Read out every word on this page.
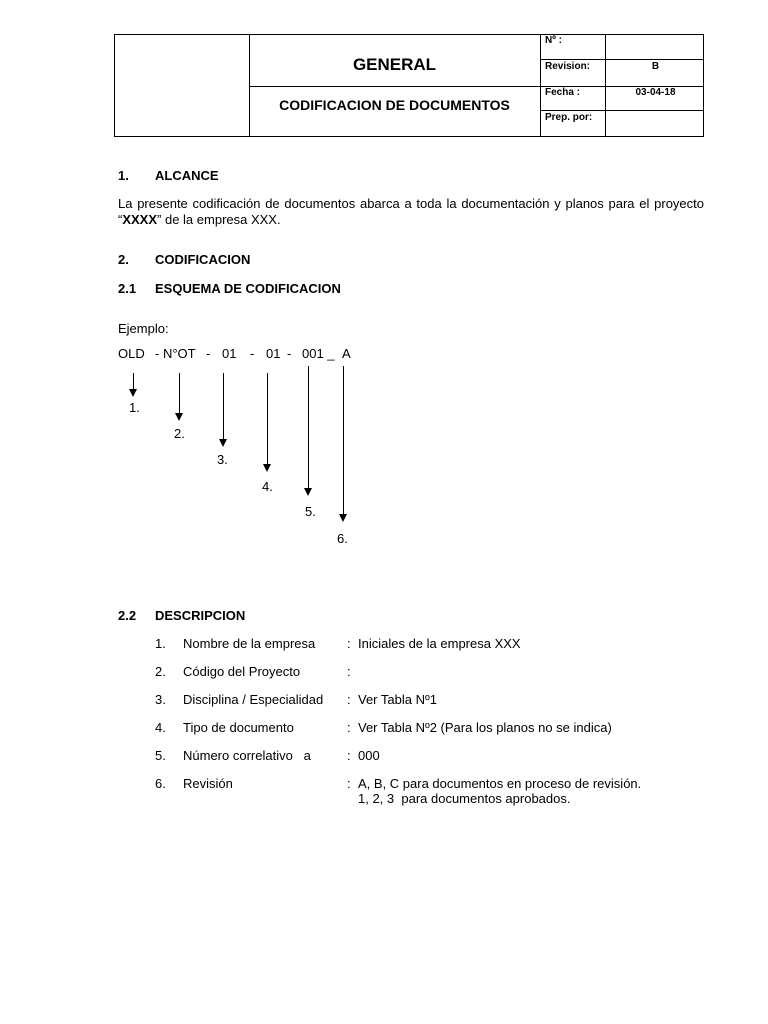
GENERAL
CODIFICACION DE DOCUMENTOS
Nº :
Revision:	B
Fecha :	03-04-18
Prep. por:
1. ALCANCE
La presente codificación de documentos abarca a toda la documentación y planos para el proyecto “XXXX” de la empresa XXX.
2. CODIFICACION
2.1 ESQUEMA DE CODIFICACION
Ejemplo:
OLD - N°OT - 01 - 01 - 001 _ A
1.
2.
3.
4.
5.
6.
2.2 DESCRIPCION
1. Nombre de la empresa : Iniciales de la empresa XXX
2. Código del Proyecto	:
3. Disciplina / Especialidad : Ver Tabla Nº1
4. Tipo de documento	: Ver Tabla Nº2 (Para los planos no se indica)
5. Número correlativo   a	: 000
6. Revisión	: A, B, C para documentos en proceso de revisión.
1, 2, 3  para documentos aprobados.
